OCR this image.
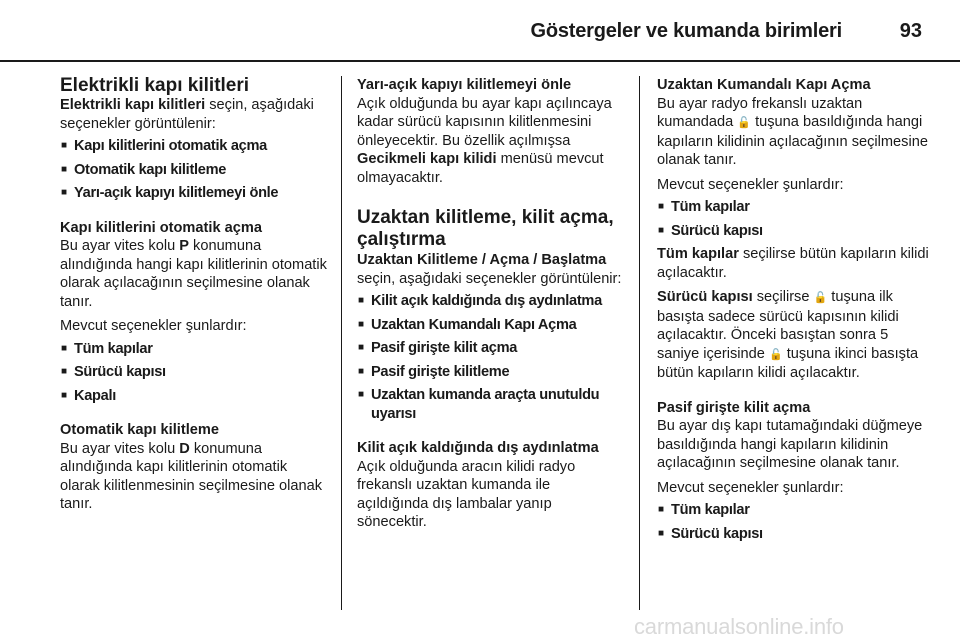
Göstergeler ve kumanda birimleri	93
Elektrikli kapı kilitleri

Elektrikli kapı kilitleri seçin, aşağıdaki seçenekler görüntülenir:

■ Kapı kilitlerini otomatik açma
■ Otomatik kapı kilitleme
■ Yarı-açık kapıyı kilitlemeyi önle
Kapı kilitlerini otomatik açma

Bu ayar vites kolu P konumuna alındığında hangi kapı kilitlerinin otomatik olarak açılacağının seçilmesine olanak tanır.

Mevcut seçenekler şunlardır:

■ Tüm kapılar
■ Sürücü kapısı
■ Kapalı
Otomatik kapı kilitleme

Bu ayar vites kolu D konumuna alındığında kapı kilitlerinin otomatik olarak kilitlenmesinin seçilmesine olanak tanır.

Yarı-açık kapıyı kilitlemeyi önle

Açık olduğunda bu ayar kapı açılıncaya kadar sürücü kapısının kilitlenmesini önleyecektir. Bu özellik açılmışsa Gecikmeli kapı kilidi menüsü mevcut olmayacaktır.

Uzaktan kilitleme, kilit açma, çalıştırma

Uzaktan Kilitleme / Açma / Başlatma seçin, aşağıdaki seçenekler görüntülenir:

■ Kilit açık kaldığında dış aydınlatma
■ Uzaktan Kumandalı Kapı Açma
■ Pasif girişte kilit açma
■ Pasif girişte kilitleme
■ Uzaktan kumanda araçta unutuldu uyarısı
Kilit açık kaldığında dış aydınlatma

Açık olduğunda aracın kilidi radyo frekanslı uzaktan kumanda ile açıldığında dış lambalar yanıp sönecektir.

Uzaktan Kumandalı Kapı Açma

Bu ayar radyo frekanslı uzaktan kumandada 🔓 tuşuna basıldığında hangi kapıların kilidinin açılacağının seçilmesine olanak tanır.

Mevcut seçenekler şunlardır:

■ Tüm kapılar
■ Sürücü kapısı

Tüm kapılar seçilirse bütün kapıların kilidi açılacaktır.

Sürücü kapısı seçilirse 🔓 tuşuna ilk basışta sadece sürücü kapısının kilidi açılacaktır. Önceki basıştan sonra 5 saniye içerisinde 🔓 tuşuna ikinci basışta bütün kapıların kilidi açılacaktır.

Pasif girişte kilit açma

Bu ayar dış kapı tutamağındaki düğmeye basıldığında hangi kapıların kilidinin açılacağının seçilmesine olanak tanır.

Mevcut seçenekler şunlardır:

■ Tüm kapılar
■ Sürücü kapısı
carmanualsonline.info
